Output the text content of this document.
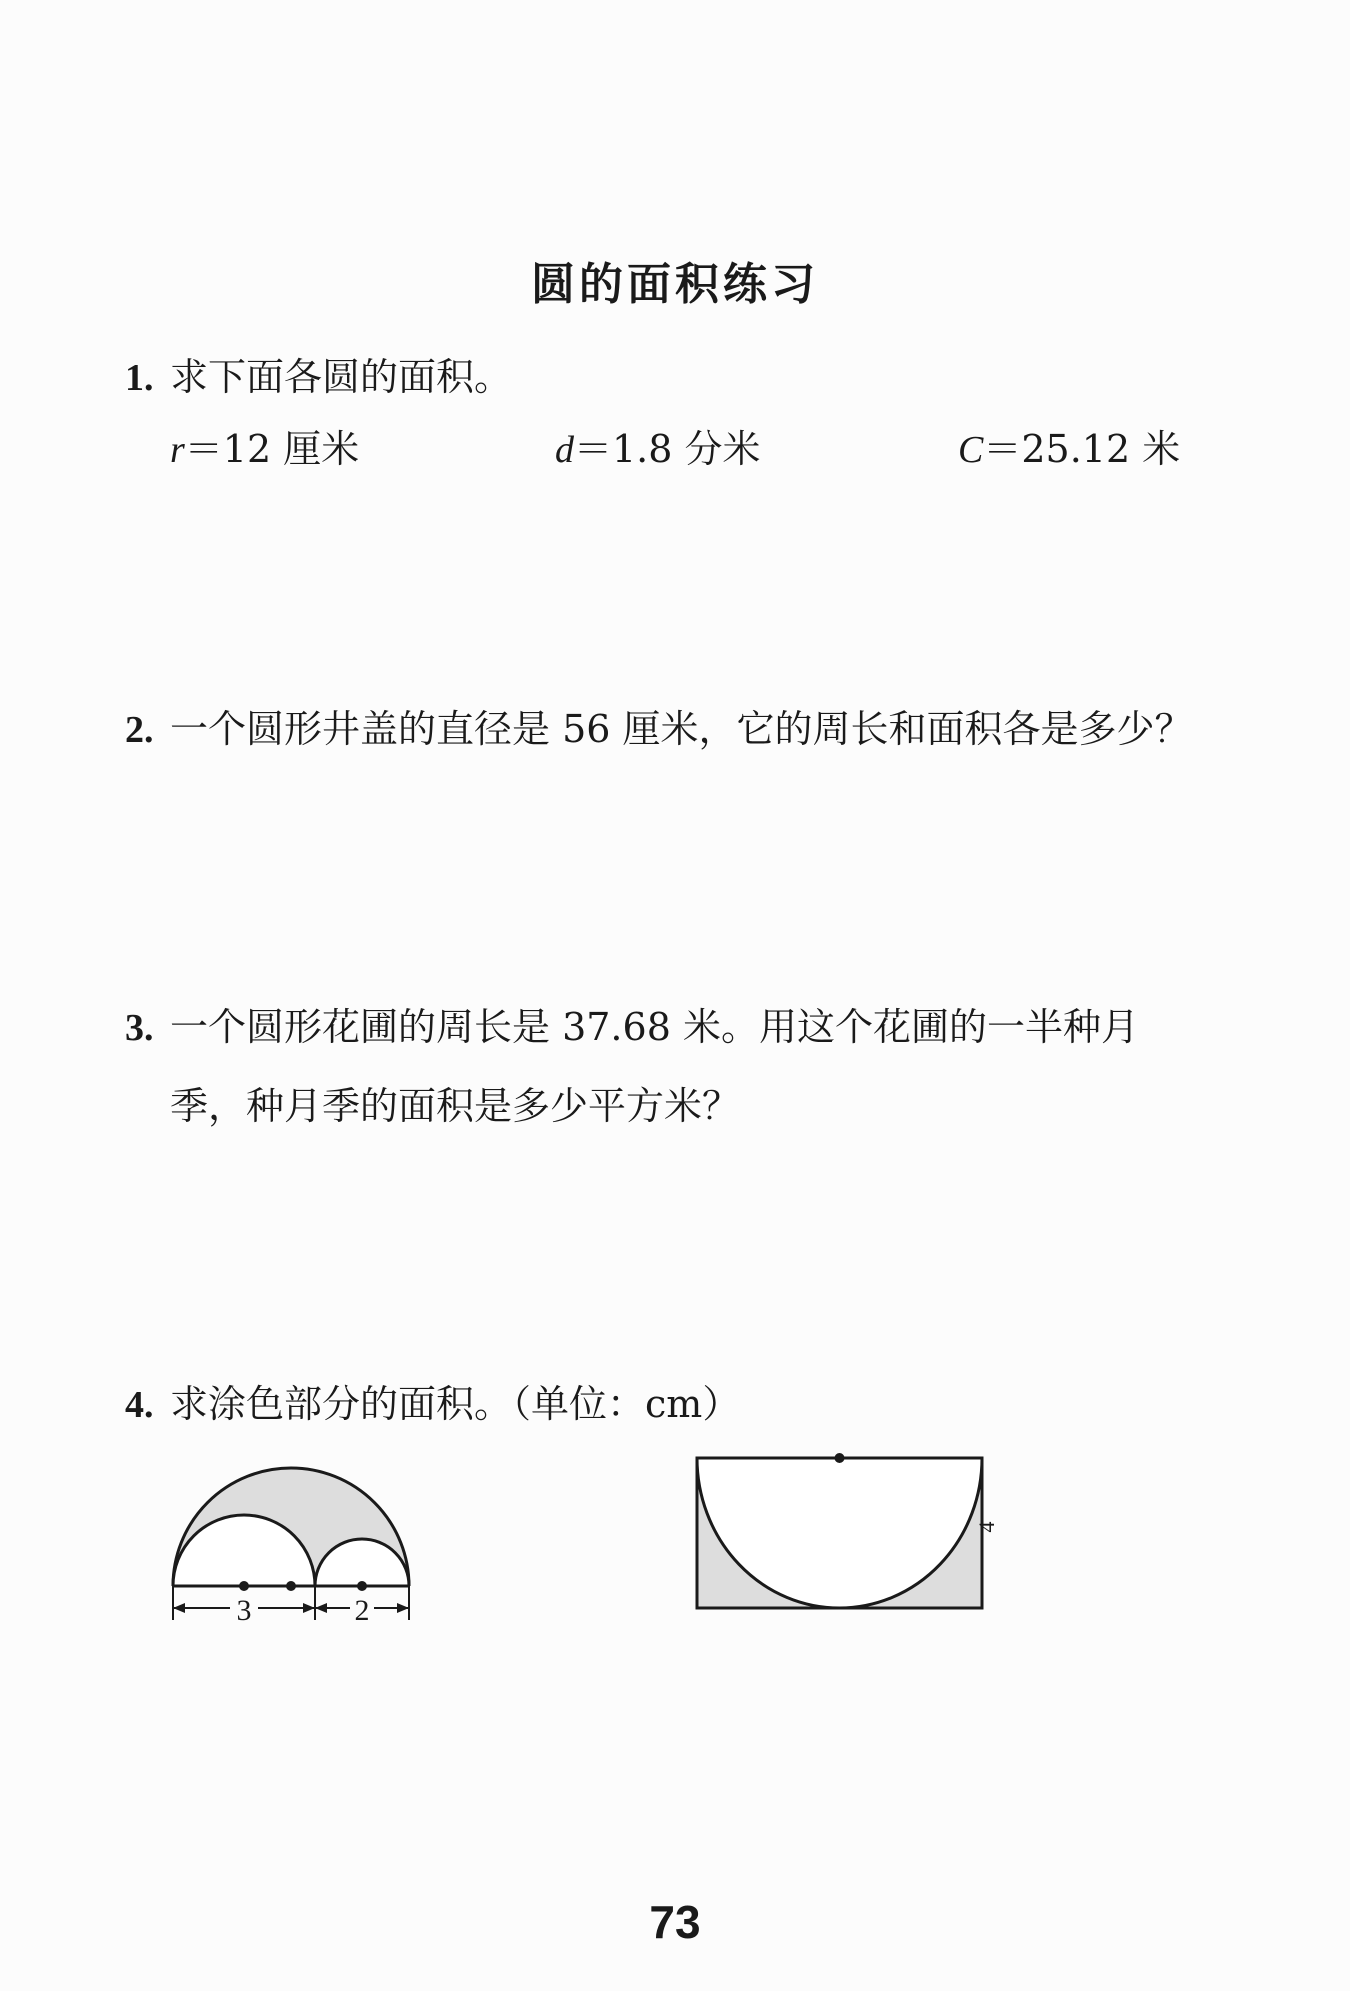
圆的面积练习
1. 求下面各圆的面积。
r＝12 厘米	d＝1.8 分米	C＝25.12 米
2. 一个圆形井盖的直径是 56 厘米，它的周长和面积各是多少？
3. 一个圆形花圃的周长是 37.68 米。用这个花圃的一半种月
季，种月季的面积是多少平方米？
4. 求涂色部分的面积。（单位：cm）
3	2
4
73
